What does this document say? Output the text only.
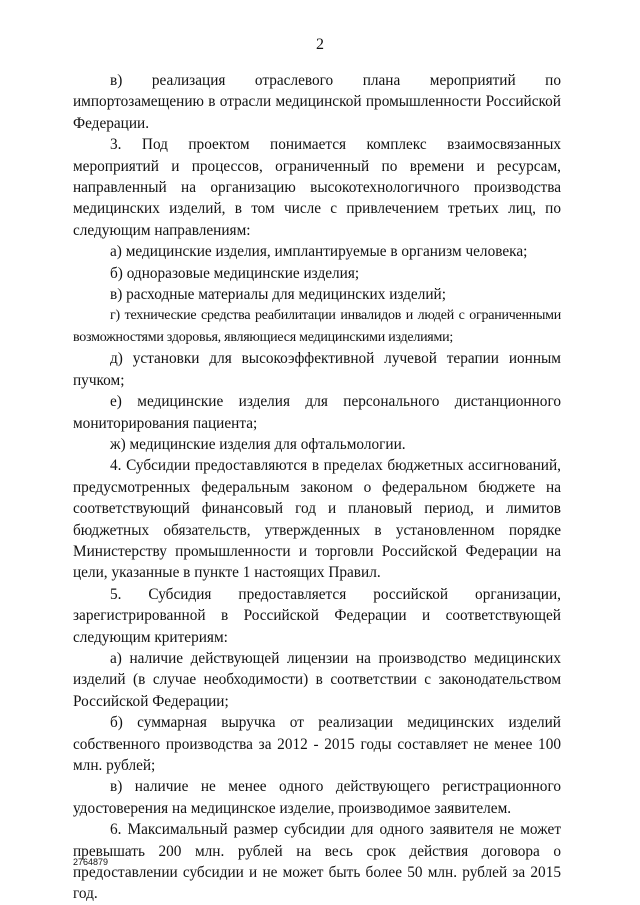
2

в) реализация отраслевого плана мероприятий по импортозамещению в отрасли медицинской промышленности Российской Федерации.

3. Под проектом понимается комплекс взаимосвязанных мероприятий и процессов, ограниченный по времени и ресурсам, направленный на организацию высокотехнологичного производства медицинских изделий, в том числе с привлечением третьих лиц, по следующим направлениям:

а) медицинские изделия, имплантируемые в организм человека;

б) одноразовые медицинские изделия;

в) расходные материалы для медицинских изделий;

г) технические средства реабилитации инвалидов и людей с ограниченными возможностями здоровья, являющиеся медицинскими изделиями;

д) установки для высокоэффективной лучевой терапии ионным пучком;

е) медицинские изделия для персонального дистанционного мониторирования пациента;

ж) медицинские изделия для офтальмологии.

4. Субсидии предоставляются в пределах бюджетных ассигнований, предусмотренных федеральным законом о федеральном бюджете на соответствующий финансовый год и плановый период, и лимитов бюджетных обязательств, утвержденных в установленном порядке Министерству промышленности и торговли Российской Федерации на цели, указанные в пункте 1 настоящих Правил.

5. Субсидия предоставляется российской организации, зарегистрированной в Российской Федерации и соответствующей следующим критериям:

а) наличие действующей лицензии на производство медицинских изделий (в случае необходимости) в соответствии с законодательством Российской Федерации;

б) суммарная выручка от реализации медицинских изделий собственного производства за 2012 - 2015 годы составляет не менее 100 млн. рублей;

в) наличие не менее одного действующего регистрационного удостоверения на медицинское изделие, производимое заявителем.

6. Максимальный размер субсидии для одного заявителя не может превышать 200 млн. рублей на весь срок действия договора о предоставлении субсидии и не может быть более 50 млн. рублей за 2015 год.

2764879
